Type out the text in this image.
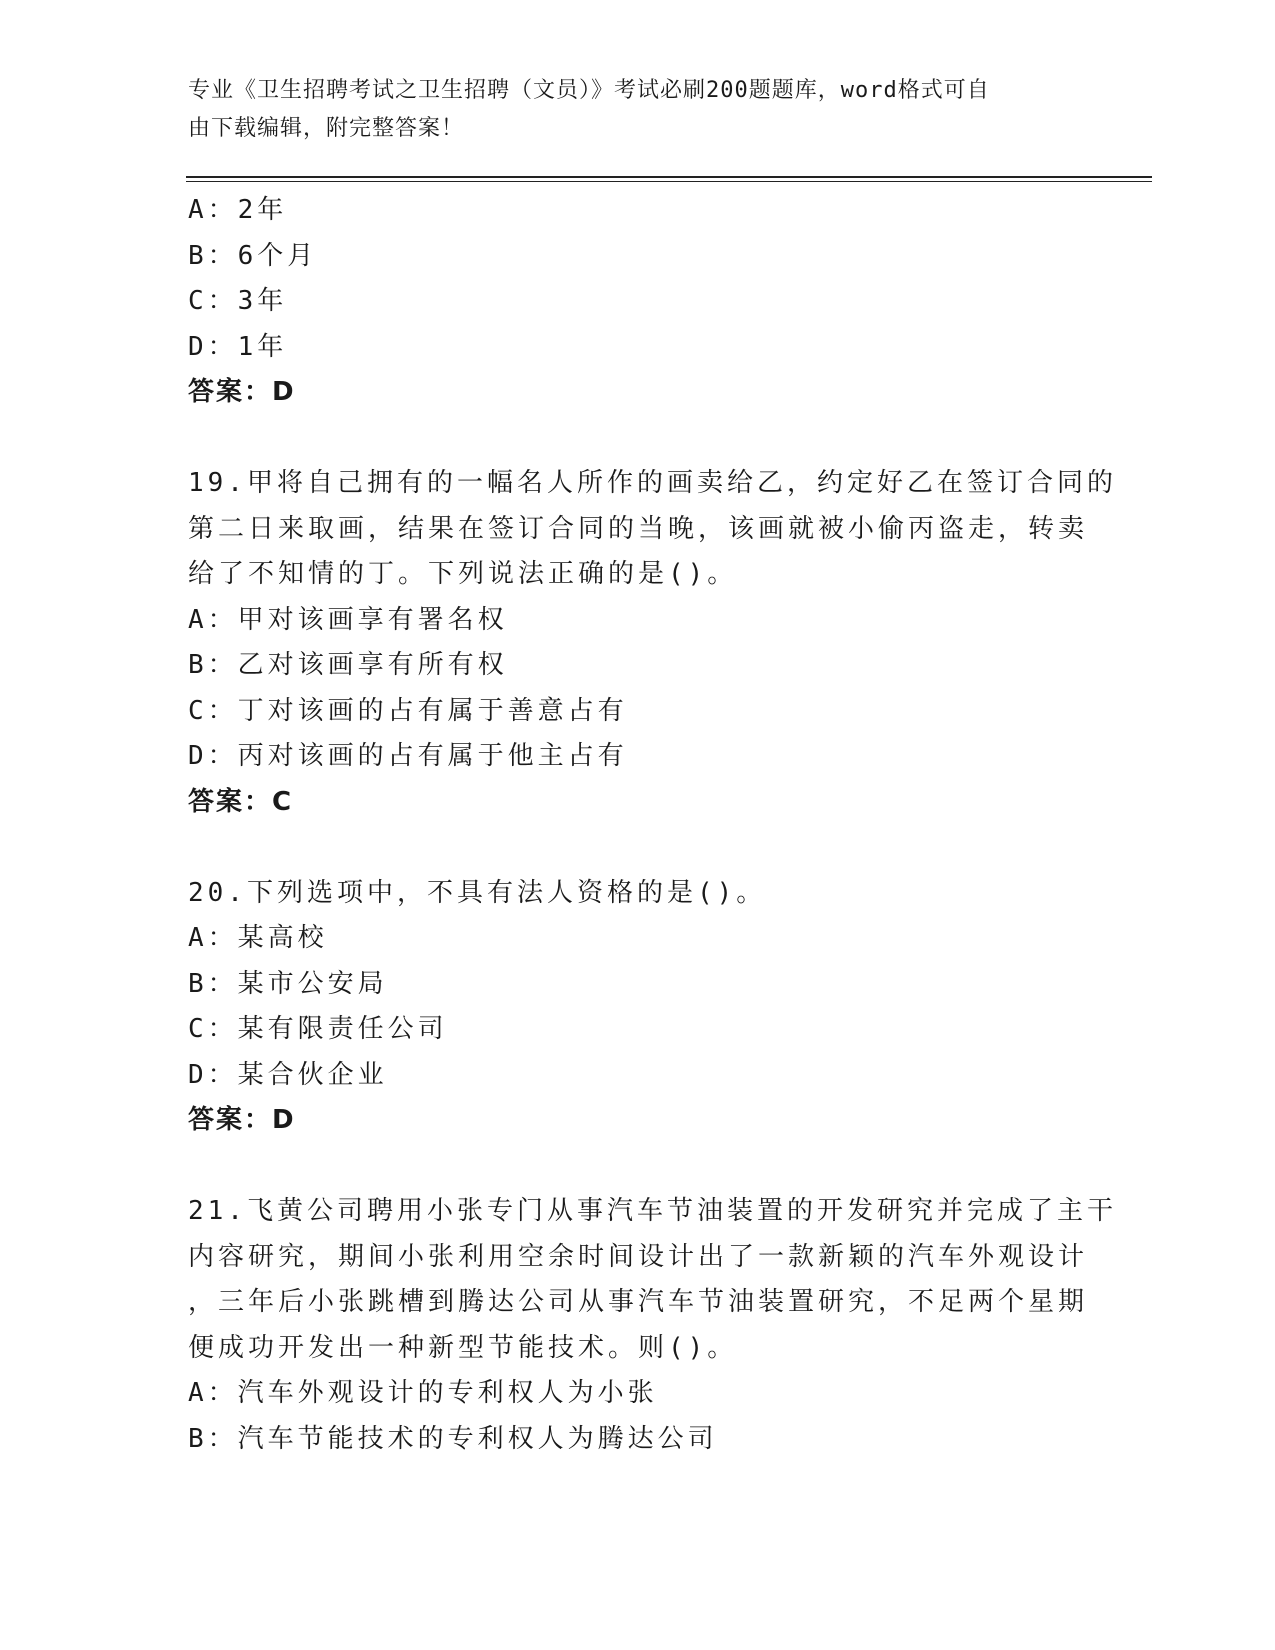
专业《卫生招聘考试之卫生招聘（文员）》考试必刷200题题库，word格式可自
由下载编辑，附完整答案！
A：2年
B：6个月
C：3年
D：1年
答案：D
19.甲将自己拥有的一幅名人所作的画卖给乙，约定好乙在签订合同的
第二日来取画，结果在签订合同的当晚，该画就被小偷丙盗走，转卖
给了不知情的丁。下列说法正确的是()。
A：甲对该画享有署名权
B：乙对该画享有所有权
C：丁对该画的占有属于善意占有
D：丙对该画的占有属于他主占有
答案：C
20.下列选项中，不具有法人资格的是()。
A：某高校
B：某市公安局
C：某有限责任公司
D：某合伙企业
答案：D
21.飞黄公司聘用小张专门从事汽车节油装置的开发研究并完成了主干
内容研究，期间小张利用空余时间设计出了一款新颖的汽车外观设计
，三年后小张跳槽到腾达公司从事汽车节油装置研究，不足两个星期
便成功开发出一种新型节能技术。则()。
A：汽车外观设计的专利权人为小张
B：汽车节能技术的专利权人为腾达公司
